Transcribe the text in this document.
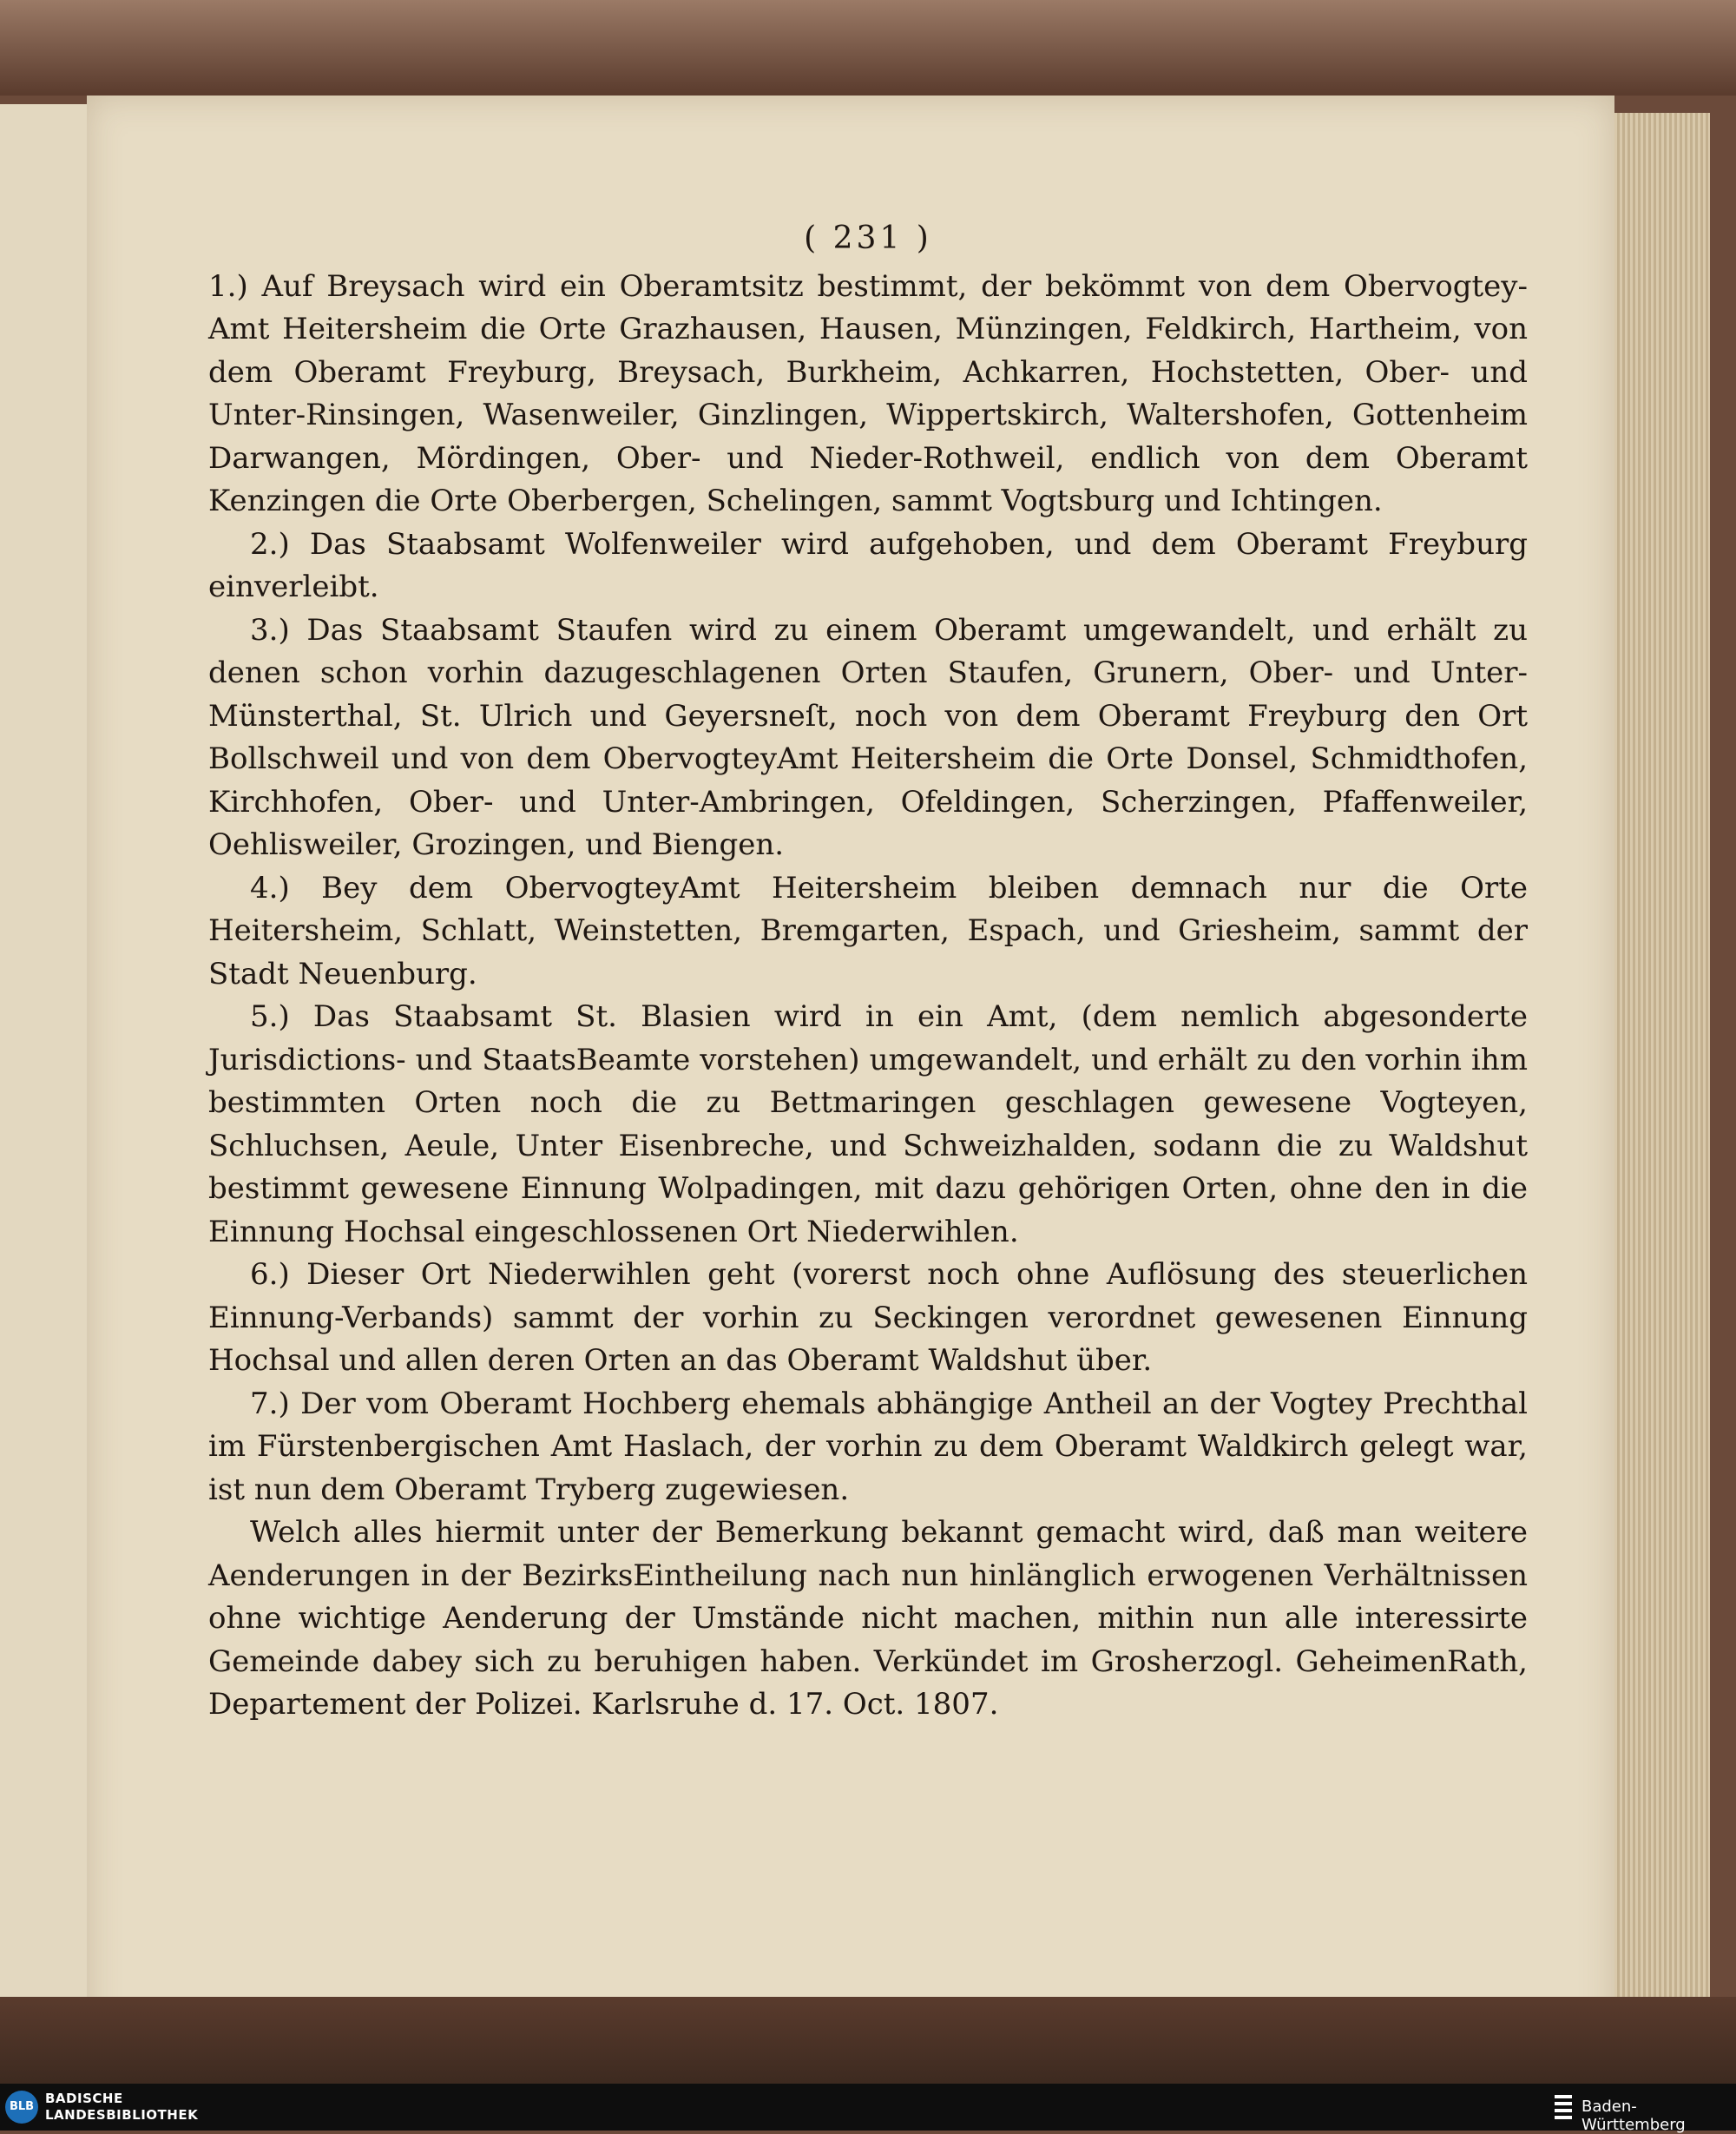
( 231 )

1.) Auf Breysach wird ein Oberamtsitz bestimmt, der bekömmt von dem Obervogtey-Amt Heitersheim die Orte Grazhausen, Hausen, Münzingen, Feldkirch, Hartheim, von dem Oberamt Freyburg, Breysach, Burkheim, Achkarren, Hochstetten, Ober- und Unter-Rinsingen, Wasenweiler, Ginzlingen, Wippertskirch, Waltershofen, Gottenheim Darwangen, Mördingen, Ober- und Nieder-Rothweil, endlich von dem Oberamt Kenzingen die Orte Oberbergen, Schelingen, sammt Vogtsburg und Ichtingen.

2.) Das Staabsamt Wolfenweiler wird aufgehoben, und dem Oberamt Freyburg einverleibt.

3.) Das Staabsamt Staufen wird zu einem Oberamt umgewandelt, und erhält zu denen schon vorhin dazugeschlagenen Orten Staufen, Grunern, Ober- und Unter-Münsterthal, St. Ulrich und Geyersneſt, noch von dem Oberamt Freyburg den Ort Bollschweil und von dem ObervogteyAmt Heitersheim die Orte Donsel, Schmidthofen, Kirchhofen, Ober- und Unter-Ambringen, Ofeldingen, Scherzingen, Pfaffenweiler, Oehlisweiler, Grozingen, und Biengen.

4.) Bey dem ObervogteyAmt Heitersheim bleiben demnach nur die Orte Heitersheim, Schlatt, Weinstetten, Bremgarten, Espach, und Griesheim, sammt der Stadt Neuenburg.

5.) Das Staabsamt St. Blasien wird in ein Amt, (dem nemlich abgesonderte Jurisdictions- und StaatsBeamte vorstehen) umgewandelt, und erhält zu den vorhin ihm bestimmten Orten noch die zu Bettmaringen geschlagen gewesene Vogteyen, Schluchsen, Aeule, Unter Eisenbreche, und Schweizhalden, sodann die zu Waldshut bestimmt gewesene Einnung Wolpadingen, mit dazu gehörigen Orten, ohne den in die Einnung Hochsal eingeschlossenen Ort Niederwihlen.

6.) Dieser Ort Niederwihlen geht (vorerst noch ohne Auflösung des steuerlichen Einnung-Verbands) sammt der vorhin zu Seckingen verordnet gewesenen Einnung Hochsal und allen deren Orten an das Oberamt Waldshut über.

7.) Der vom Oberamt Hochberg ehemals abhängige Antheil an der Vogtey Prechthal im Fürstenbergischen Amt Haslach, der vorhin zu dem Oberamt Waldkirch gelegt war, ist nun dem Oberamt Tryberg zugewiesen.

Welch alles hiermit unter der Bemerkung bekannt gemacht wird, daß man weitere Aenderungen in der BezirksEintheilung nach nun hinlänglich erwogenen Verhältnissen ohne wichtige Aenderung der Umstände nicht machen, mithin nun alle interessirte Gemeinde dabey sich zu beruhigen haben. Verkündet im Grosherzogl. GeheimenRath, Departement der Polizei. Karlsruhe d. 17. Oct. 1807.

BLB
BADISCHE
LANDESBIBLIOTHEK	Baden-Württemberg
